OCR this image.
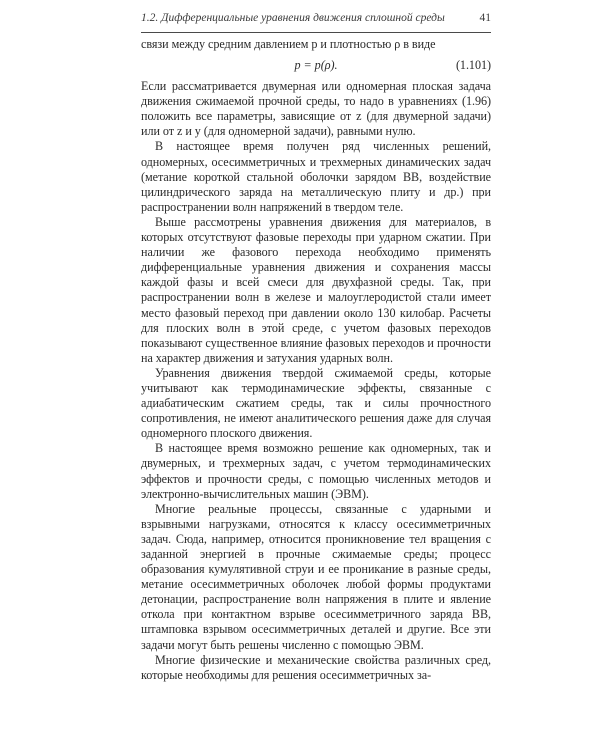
1.2. Дифференциальные уравнения движения сплошной среды	41

связи между средним давлением p и плотностью ρ в виде

p = p(ρ).	(1.101)

Если рассматривается двумерная или одномерная плоская задача движения сжимаемой прочной среды, то надо в уравнениях (1.96) положить все параметры, зависящие от z (для двумерной задачи) или от z и y (для одномерной задачи), равными нулю.

В настоящее время получен ряд численных решений, одномерных, осесимметричных и трехмерных динамических задач (метание короткой стальной оболочки зарядом ВВ, воздействие цилиндрического заряда на металлическую плиту и др.) при распространении волн напряжений в твердом теле.

Выше рассмотрены уравнения движения для материалов, в которых отсутствуют фазовые переходы при ударном сжатии. При наличии же фазового перехода необходимо применять дифференциальные уравнения движения и сохранения массы каждой фазы и всей смеси для двухфазной среды. Так, при распространении волн в железе и малоуглеродистой стали имеет место фазовый переход при давлении около 130 килобар. Расчеты для плоских волн в этой среде, с учетом фазовых переходов показывают существенное влияние фазовых переходов и прочности на характер движения и затухания ударных волн.

Уравнения движения твердой сжимаемой среды, которые учитывают как термодинамические эффекты, связанные с адиабатическим сжатием среды, так и силы прочностного сопротивления, не имеют аналитического решения даже для случая одномерного плоского движения.

В настоящее время возможно решение как одномерных, так и двумерных, и трехмерных задач, с учетом термодинамических эффектов и прочности среды, с помощью численных методов и электронно-вычислительных машин (ЭВМ).

Многие реальные процессы, связанные с ударными и взрывными нагрузками, относятся к классу осесимметричных задач. Сюда, например, относится проникновение тел вращения с заданной энергией в прочные сжимаемые среды; процесс образования кумулятивной струи и ее проникание в разные среды, метание осесимметричных оболочек любой формы продуктами детонации, распространение волн напряжения в плите и явление откола при контактном взрыве осесимметричного заряда ВВ, штамповка взрывом осесимметричных деталей и другие. Все эти задачи могут быть решены численно с помощью ЭВМ.

Многие физические и механические свойства различных сред, которые необходимы для решения осесимметричных за-
